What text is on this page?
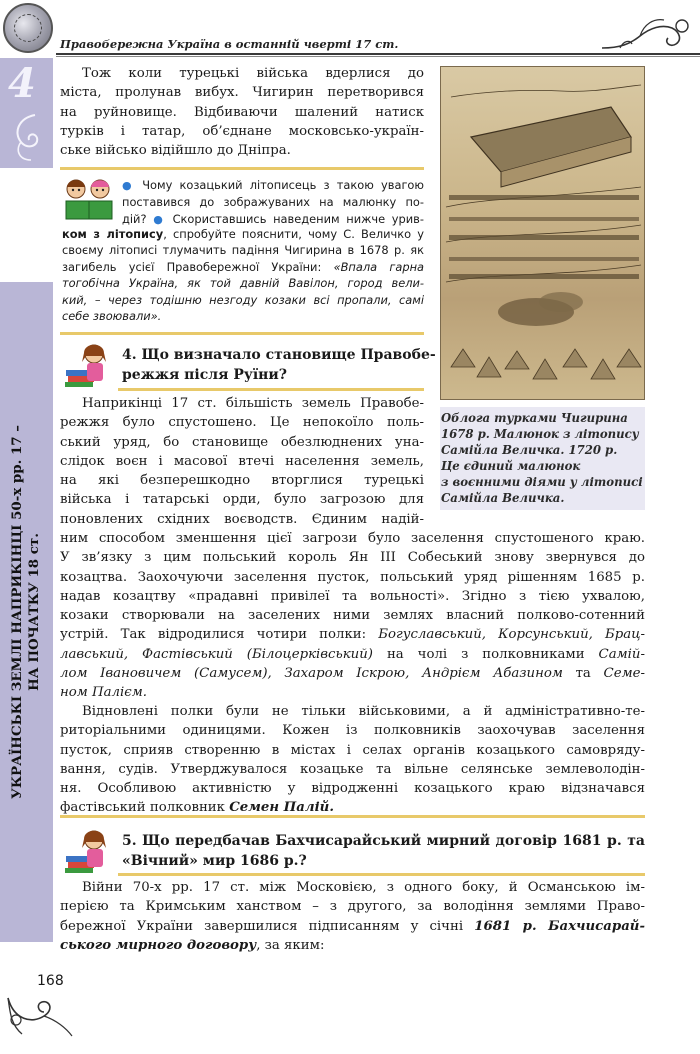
Правобережна Україна в останній чверті 17 ст.
4
УКРАЇНСЬКІ ЗЕМЛІ НАПРИКІНЦІ 50-х рр. 17 – НА ПОЧАТКУ 18 ст.
Тож коли турецькі війська вдерлися до
міста, пролунав вибух. Чигирин перетворився
на руйновище. Відбиваючи шалений натиск
турків і татар, об’єднане московсько-україн-
ське військо відійшло до Дніпра.
● Чому козацький літописець з такою увагою
поставився до зображуваних на малюнку по-
дій? ● Скориставшись наведеним нижче урив-
ком з літопису, спробуйте пояснити, чому С. Величко у
своєму літописі тлумачить падіння Чигирина в 1678 р. як
загибель усієї Правобережної України: «Впала гарна
тогобічна Україна, як той давній Вавілон, город вели-
кий, – через тодішню незгоду козаки всі пропали, самі
себе звоювали».
4. Що визначало становище Правобе-
режжя після Руїни?
Наприкінці 17 ст. більшість земель Правобе-
режжя було спустошено. Це непокоїло поль-
ський уряд, бо становище обезлюднених уна-
слідок воєн і масової втечі населення земель,
на які безперешкодно вторглися турецькі
війська і татарські орди, було загрозою для
поновлених східних воєводств. Єдиним надій-
ним способом зменшення цієї загрози було заселення спустошеного краю.
У зв’язку з цим польський король Ян ІІІ Собеський знову звернувся до
козацтва. Заохочуючи заселення пусток, польський уряд рішенням 1685 р.
надав козацтву «прадавні привілеї та вольності». Згідно з тією ухвалою,
козаки створювали на заселених ними землях власний полково-сотенний
устрій. Так відродилися чотири полки: Богуславський, Корсунський, Брац-
лавський, Фастівський (Білоцерківський) на чолі з полковниками Самій-
лом Івановичем (Самусем), Захаром Іскрою, Андрієм Абазином та Семе-
ном Палієм.
Відновлені полки були не тільки військовими, а й адміністративно-те-
риторіальними одиницями. Кожен із полковників заохочував заселення
пусток, сприяв створенню в містах і селах органів козацького самовряду-
вання, судів. Утверджувалося козацьке та вільне селянське землеволодін-
ня. Особливою активністю у відродженні козацького краю відзначався
фастівський полковник Семен Палій.
5. Що передбачав Бахчисарайський мирний договір 1681 р. та
«Вічний» мир 1686 р.?
Війни 70-х рр. 17 ст. між Московією, з одного боку, й Османською ім-
перією та Кримським ханством – з другого, за володіння землями Право-
бережної України завершилися підписанням у січні 1681 р. Бахчисарай-
ського мирного договору, за яким:
Облога турками Чигирина
1678 р. Малюнок з літопису
Самійла Величка. 1720 р.
Це єдиний малюнок
з воєнними діями у літописі
Самійла Величка.
168
